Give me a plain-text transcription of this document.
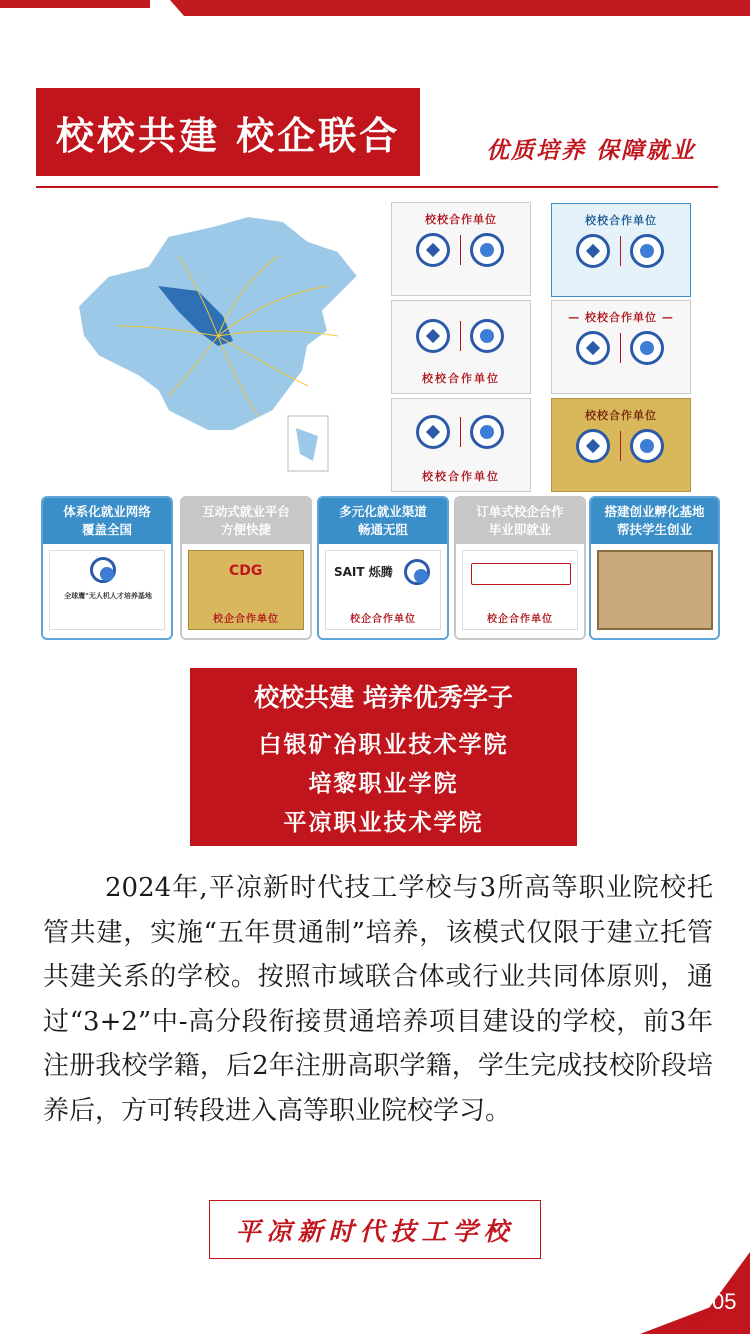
校校共建 校企联合	优质培养 保障就业
校校合作单位	校校合作单位
校校合作单位
— 校校合作单位 —
校校合作单位
校校合作单位
体系化就业网络
覆盖全国
全球鹰"无人机人才培养基地
互动式就业平台
方便快捷
CDG
校企合作单位
多元化就业渠道
畅通无阻
SAIT 烁腾
校企合作单位
订单式校企合作
毕业即就业
校企合作单位
搭建创业孵化基地
帮扶学生创业
校校共建 培养优秀学子
白银矿冶职业技术学院
培黎职业学院
平凉职业技术学院

2024年,平凉新时代技工学校与3所高等职业院校托管共建，实施“五年贯通制”培养，该模式仅限于建立托管共建关系的学校。按照市域联合体或行业共同体原则，通过“3+2”中-高分段衔接贯通培养项目建设的学校，前3年注册我校学籍，后2年注册高职学籍，学生完成技校阶段培养后，方可转段进入高等职业院校学习。

平凉新时代技工学校
05
